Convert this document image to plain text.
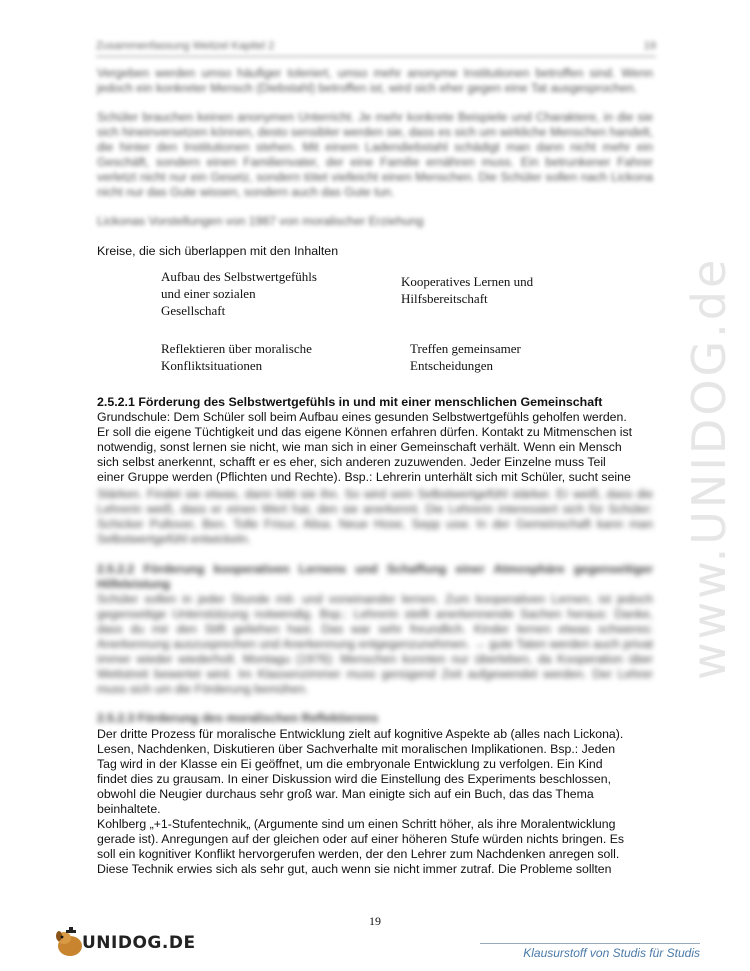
Zusammenfassung Weitzel Kapitel 2	19
Vergeben werden umso häufiger toleriert, umso mehr anonyme Institutionen betroffen sind. Wenn jedoch ein konkreter Mensch (Diebstahl) betroffen ist, wird sich eher gegen eine Tat ausgesprochen.
Schüler brauchen keinen anonymen Unterricht. Je mehr konkrete Beispiele und Charaktere, in die sie sich hineinversetzen können, desto sensibler werden sie, dass es sich um wirkliche Menschen handelt, die hinter den Institutionen stehen. Mit einem Ladendiebstahl schädigt man dann nicht mehr ein Geschäft, sondern einen Familienvater, der eine Familie ernähren muss. Ein betrunkener Fahrer verletzt nicht nur ein Gesetz, sondern tötet vielleicht einen Menschen. Die Schüler sollen nach Lickona nicht nur das Gute wissen, sondern auch das Gute tun.
Lickonas Vorstellungen von 1987 von moralischer Erziehung
Kreise, die sich überlappen mit den Inhalten
Aufbau des Selbstwertgefühls
und einer sozialen
Gesellschaft
Kooperatives Lernen und
Hilfsbereitschaft
Reflektieren über moralische
Konfliktsituationen
Treffen gemeinsamer
Entscheidungen
2.5.2.1 Förderung des Selbstwertgefühls in und mit einer menschlichen Gemeinschaft
Grundschule: Dem Schüler soll beim Aufbau eines gesunden Selbstwertgefühls geholfen werden.
Er soll die eigene Tüchtigkeit und das eigene Können erfahren dürfen. Kontakt zu Mitmenschen ist
notwendig, sonst lernen sie nicht, wie man sich in einer Gemeinschaft verhält. Wenn ein Mensch
sich selbst anerkennt, schafft er es eher, sich anderen zuzuwenden. Jeder Einzelne muss Teil
einer Gruppe werden (Pflichten und Rechte). Bsp.: Lehrerin unterhält sich mit Schüler, sucht seine
Stärken. Findet sie etwas, dann lobt sie ihn. So wird sein Selbstwertgefühl stärker. Er weiß, dass die Lehrerin weiß, dass er einen Wert hat, den sie anerkennt. Die Lehrerin interessiert sich für Schüler: Schicker Pullover, Ben. Tolle Frisur, Alisa. Neue Hose, Sepp usw. In der Gemeinschaft kann man Selbstwertgefühl entwickeln.
2.5.2.2 Förderung kooperativen Lernens und Schaffung einer Atmosphäre gegenseitiger Hilfeleistung
Schüler sollen in jeder Stunde mit- und voneinander lernen. Zum kooperativen Lernen, ist jedoch gegenseitige Unterstützung notwendig. Bsp.: Lehrerin stellt anerkennende Sachen heraus: Danke, dass du mir den Stift geliehen hast. Das war sehr freundlich. Kinder lernen etwas schweres: Anerkennung auszusprechen und Anerkennung entgegenzunehmen. → gute Taten werden auch privat immer wieder wiederholt. Montagu (1976): Menschen konnten nur überleben, da Kooperation über Wettstreit bewertet wird. Im Klassenzimmer muss genügend Zeit aufgewendet werden. Der Lehrer muss sich um die Förderung bemühen.
2.5.2.3 Förderung des moralischen Reflektierens
Der dritte Prozess für moralische Entwicklung zielt auf kognitive Aspekte ab (alles nach Lickona).
Lesen, Nachdenken, Diskutieren über Sachverhalte mit moralischen Implikationen. Bsp.: Jeden
Tag wird in der Klasse ein Ei geöffnet, um die embryonale Entwicklung zu verfolgen. Ein Kind
findet dies zu grausam. In einer Diskussion wird die Einstellung des Experiments beschlossen,
obwohl die Neugier durchaus sehr groß war. Man einigte sich auf ein Buch, das das Thema
beinhaltete.
Kohlberg „+1-Stufentechnik„ (Argumente sind um einen Schritt höher, als ihre Moralentwicklung
gerade ist). Anregungen auf der gleichen oder auf einer höheren Stufe würden nichts bringen. Es
soll ein kognitiver Konflikt hervorgerufen werden, der den Lehrer zum Nachdenken anregen soll.
Diese Technik erwies sich als sehr gut, auch wenn sie nicht immer zutraf. Die Probleme sollten
www.UNIDOG.de
19
UNIDOG.DE	Klausurstoff von Studis für Studis
